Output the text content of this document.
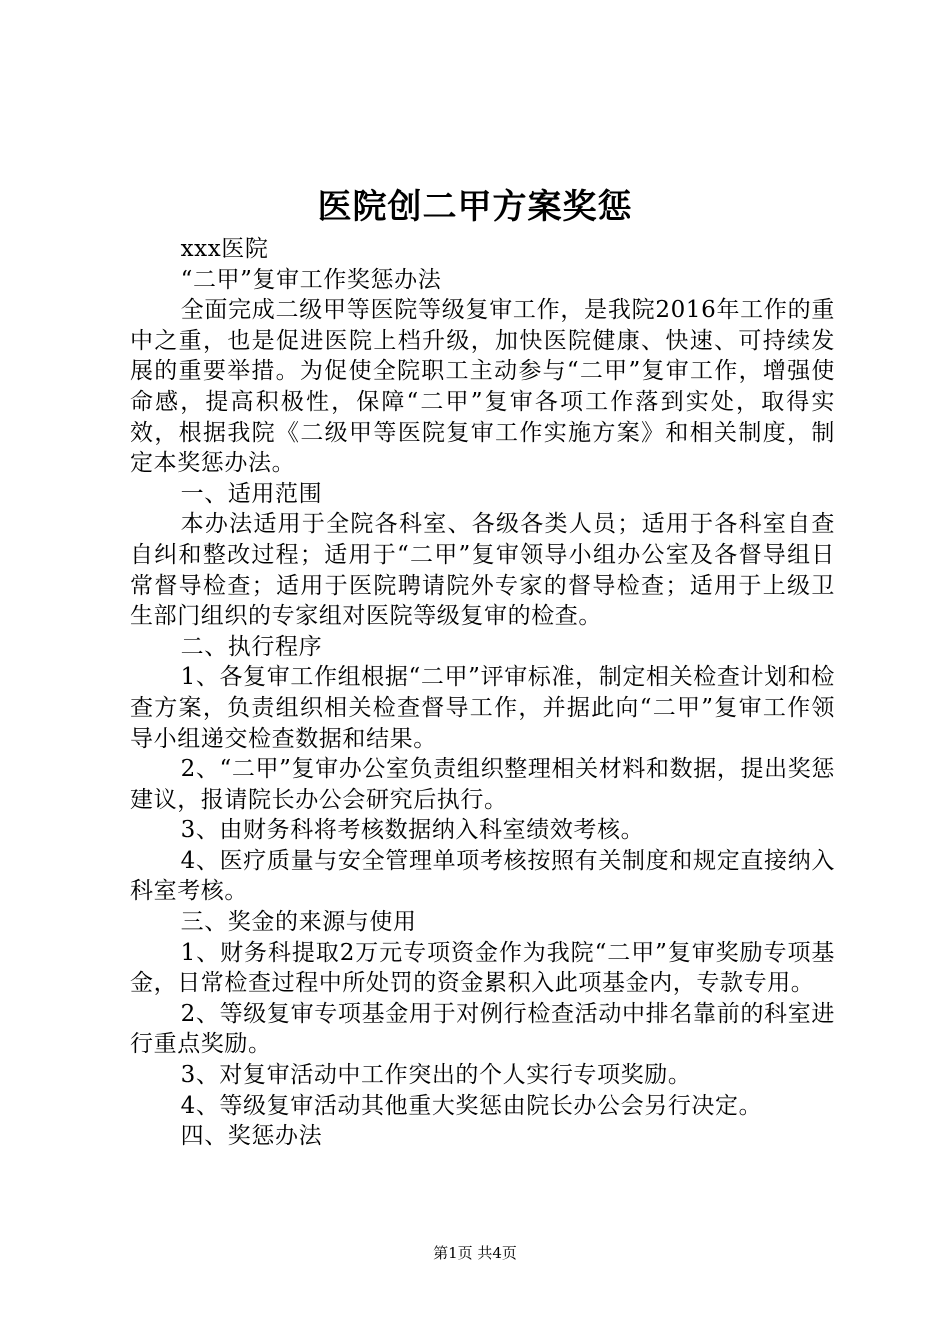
医院创二甲方案奖惩

xxx医院

“二甲”复审工作奖惩办法

全面完成二级甲等医院等级复审工作，是我院2016年工作的重中之重，也是促进医院上档升级，加快医院健康、快速、可持续发展的重要举措。为促使全院职工主动参与“二甲”复审工作，增强使命感，提高积极性，保障“二甲”复审各项工作落到实处，取得实效，根据我院《二级甲等医院复审工作实施方案》和相关制度，制定本奖惩办法。

一、适用范围

本办法适用于全院各科室、各级各类人员；适用于各科室自查自纠和整改过程；适用于“二甲”复审领导小组办公室及各督导组日常督导检查；适用于医院聘请院外专家的督导检查；适用于上级卫生部门组织的专家组对医院等级复审的检查。

二、执行程序

1、各复审工作组根据“二甲”评审标准，制定相关检查计划和检查方案，负责组织相关检查督导工作，并据此向“二甲”复审工作领导小组递交检查数据和结果。

2、“二甲”复审办公室负责组织整理相关材料和数据，提出奖惩建议，报请院长办公会研究后执行。

3、由财务科将考核数据纳入科室绩效考核。

4、医疗质量与安全管理单项考核按照有关制度和规定直接纳入科室考核。

三、奖金的来源与使用

1、财务科提取2万元专项资金作为我院“二甲”复审奖励专项基金，日常检查过程中所处罚的资金累积入此项基金内，专款专用。

2、等级复审专项基金用于对例行检查活动中排名靠前的科室进行重点奖励。

3、对复审活动中工作突出的个人实行专项奖励。

4、等级复审活动其他重大奖惩由院长办公会另行决定。

四、奖惩办法

第1页 共4页
